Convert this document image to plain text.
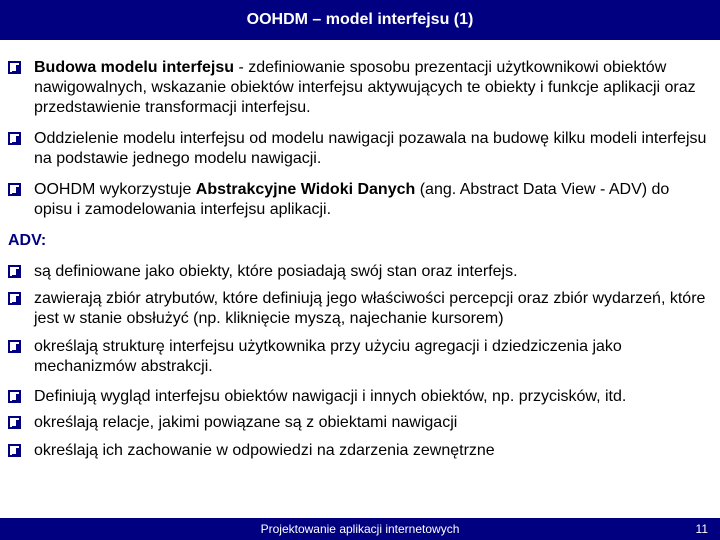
OOHDM – model interfejsu (1)
Budowa modelu interfejsu - zdefiniowanie sposobu prezentacji użytkownikowi obiektów nawigowalnych, wskazanie obiektów interfejsu aktywujących te obiekty i funkcje aplikacji oraz przedstawienie transformacji interfejsu.
Oddzielenie modelu interfejsu od modelu nawigacji pozawala na budowę kilku modeli interfejsu na podstawie jednego modelu nawigacji.
OOHDM wykorzystuje Abstrakcyjne Widoki Danych (ang. Abstract Data View - ADV) do opisu i zamodelowania interfejsu aplikacji.
ADV:
są definiowane jako obiekty, które posiadają swój stan oraz interfejs.
zawierają zbiór atrybutów, które definiują jego właściwości percepcji oraz zbiór wydarzeń, które jest w stanie obsłużyć (np. kliknięcie myszą, najechanie kursorem)
określają strukturę interfejsu użytkownika przy użyciu agregacji i dziedziczenia jako mechanizmów abstrakcji.
Definiują wygląd interfejsu obiektów nawigacji i innych obiektów, np. przycisków, itd.
określają relacje, jakimi powiązane są z obiektami nawigacji
określają ich zachowanie w odpowiedzi na zdarzenia zewnętrzne
Projektowanie aplikacji internetowych	11
